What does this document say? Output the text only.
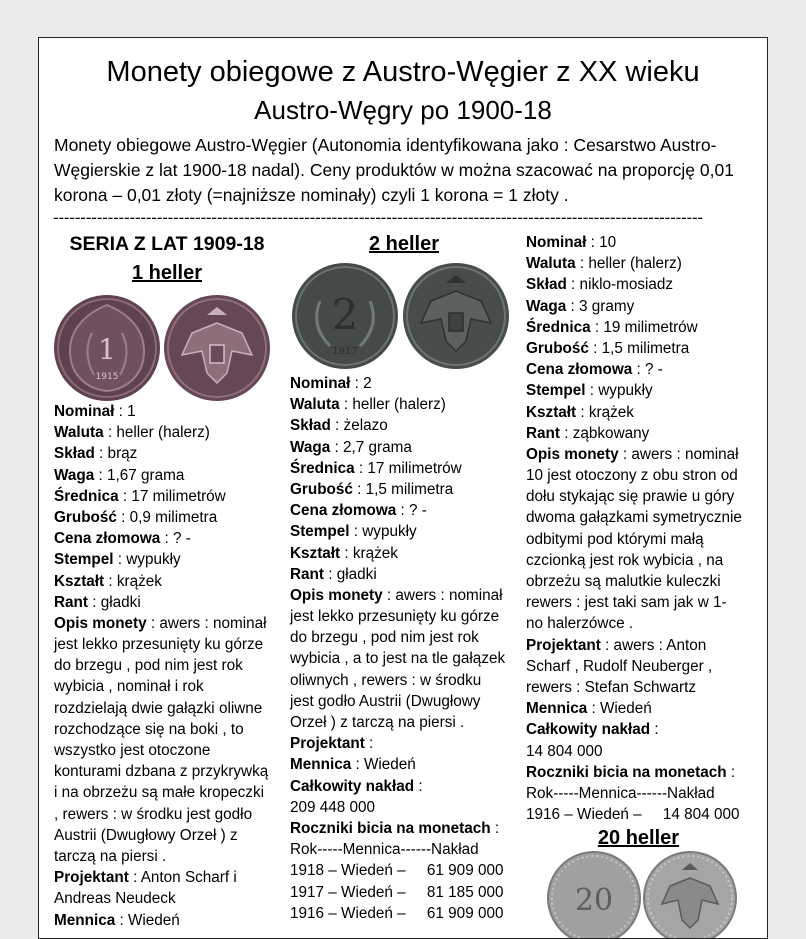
Monety obiegowe z Austro-Węgier z XX wieku
Austro-Węgry po 1900-18
Monety obiegowe Austro-Węgier (Autonomia identyfikowana jako : Cesarstwo Austro-Węgierskie z lat 1900-18 nadal). Ceny produktów w można szacować na proporcję 0,01 korona – 0,01 złoty (=najniższe nominały) czyli 1 korona = 1 złoty .
-----------------------------------------------------------------------------------------------------------------------
SERIA Z LAT 1909-18
1 heller
1
1915
Nominał : 1
Waluta : heller (halerz)
Skład : brąz
Waga : 1,67 grama
Średnica : 17 milimetrów
Grubość : 0,9 milimetra
Cena złomowa : ? -
Stempel : wypukły
Kształt : krążek
Rant : gładki
Opis monety : awers : nominał
jest lekko przesunięty ku górze
do brzegu , pod nim jest rok
wybicia , nominał i rok
rozdzielają dwie gałązki oliwne
rozchodzące się na boki , to
wszystko jest otoczone
konturami dzbana z przykrywką
i na obrzeżu są małe kropeczki
, rewers : w środku jest godło
Austrii (Dwugłowy Orzeł ) z
tarczą na piersi .
Projektant : Anton Scharf i
Andreas Neudeck
Mennica : Wiedeń
2 heller
2
1917
Nominał : 2
Waluta : heller (halerz)
Skład : żelazo
Waga : 2,7 grama
Średnica : 17 milimetrów
Grubość : 1,5 milimetra
Cena złomowa : ? -
Stempel : wypukły
Kształt : krążek
Rant : gładki
Opis monety : awers : nominał
jest lekko przesunięty ku górze
do brzegu , pod nim jest rok
wybicia , a to jest na tle gałązek
oliwnych , rewers : w środku
jest godło Austrii (Dwugłowy
Orzeł ) z tarczą na piersi .
Projektant :
Mennica : Wiedeń
Całkowity nakład :
209 448 000
Roczniki bicia na monetach :
Rok-----Mennica------Nakład
1918 – Wiedeń –     61 909 000
1917 – Wiedeń –     81 185 000
1916 – Wiedeń –     61 909 000
Nominał : 10
Waluta : heller (halerz)
Skład : niklo-mosiadz
Waga : 3 gramy
Średnica : 19 milimetrów
Grubość : 1,5 milimetra
Cena złomowa : ? -
Stempel : wypukły
Kształt : krążek
Rant : ząbkowany
Opis monety : awers : nominał
10 jest otoczony z obu stron od
dołu stykając się prawie u góry
dwoma gałązkami symetrycznie
odbitymi pod którymi małą
czcionką jest rok wybicia , na
obrzeżu są malutkie kuleczki
rewers : jest taki sam jak w 1-
no halerzówce .
Projektant : awers : Anton
Scharf , Rudolf Neuberger ,
rewers : Stefan Schwartz
Mennica : Wiedeń
Całkowity nakład :
14 804 000
Roczniki bicia na monetach :
Rok-----Mennica------Nakład
1916 – Wiedeń –     14 804 000
20 heller
20
